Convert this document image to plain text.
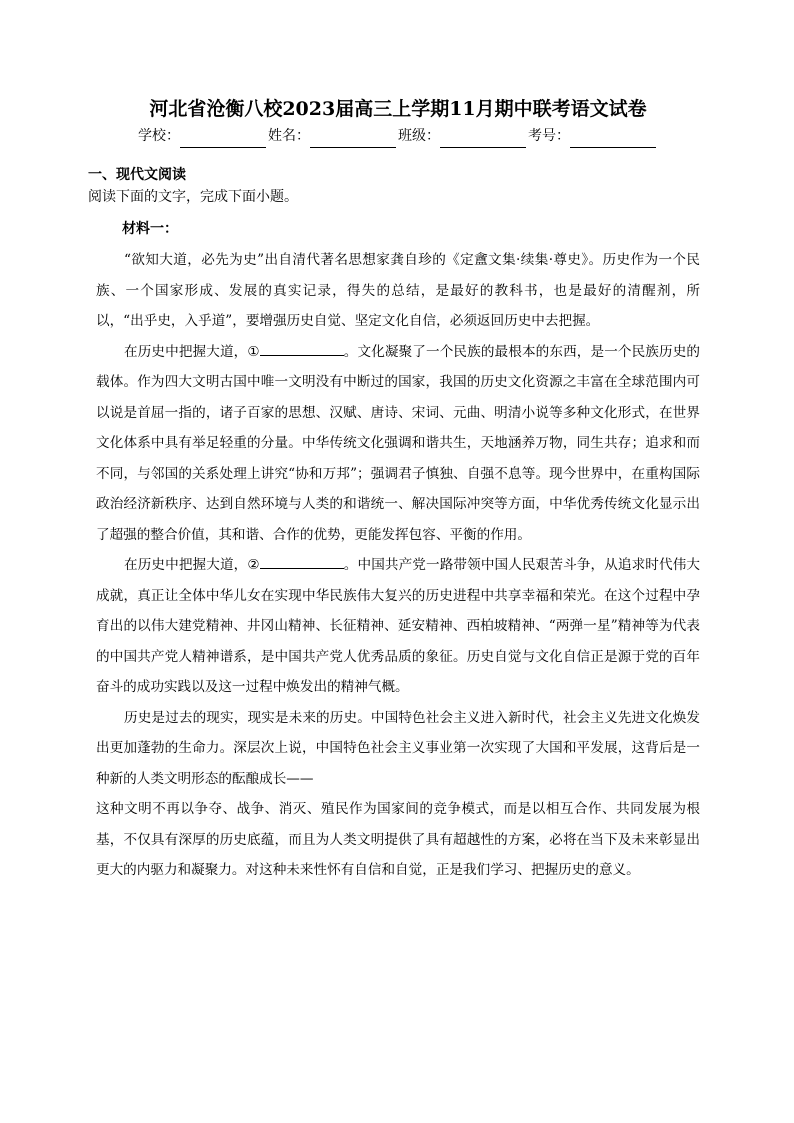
河北省沧衡八校2023届高三上学期11月期中联考语文试卷
学校：	姓名：	班级：	考号：
一、现代文阅读
阅读下面的文字，完成下面小题。
材料一：

“欲知大道，必先为史”出自清代著名思想家龚自珍的《定盦文集·续集·尊史》。历史作为一个民族、一个国家形成、发展的真实记录，得失的总结，是最好的教科书，也是最好的清醒剂，所以，“出乎史，入乎道”，要增强历史自觉、坚定文化自信，必须返回历史中去把握。

在历史中把握大道，①	。文化凝聚了一个民族的最根本的东西，是一个民族历史的载体。作为四大文明古国中唯一文明没有中断过的国家，我国的历史文化资源之丰富在全球范围内可以说是首屈一指的，诸子百家的思想、汉赋、唐诗、宋词、元曲、明清小说等多种文化形式，在世界文化体系中具有举足轻重的分量。中华传统文化强调和谐共生，天地涵养万物，同生共存；追求和而不同，与邻国的关系处理上讲究“协和万邦”；强调君子慎独、自强不息等。现今世界中，在重构国际政治经济新秩序、达到自然环境与人类的和谐统一、解决国际冲突等方面，中华优秀传统文化显示出了超强的整合价值，其和谐、合作的优势，更能发挥包容、平衡的作用。

在历史中把握大道，②	。中国共产党一路带领中国人民艰苦斗争，从追求时代伟大成就，真正让全体中华儿女在实现中华民族伟大复兴的历史进程中共享幸福和荣光。在这个过程中孕育出的以伟大建党精神、井冈山精神、长征精神、延安精神、西柏坡精神、“两弹一星”精神等为代表的中国共产党人精神谱系，是中国共产党人优秀品质的象征。历史自觉与文化自信正是源于党的百年奋斗的成功实践以及这一过程中焕发出的精神气概。

历史是过去的现实，现实是未来的历史。中国特色社会主义进入新时代，社会主义先进文化焕发出更加蓬勃的生命力。深层次上说，中国特色社会主义事业第一次实现了大国和平发展，这背后是一种新的人类文明形态的酝酿成长——

这种文明不再以争夺、战争、消灭、殖民作为国家间的竞争模式，而是以相互合作、共同发展为根基，不仅具有深厚的历史底蕴，而且为人类文明提供了具有超越性的方案，必将在当下及未来彰显出更大的内驱力和凝聚力。对这种未来性怀有自信和自觉，正是我们学习、把握历史的意义。
